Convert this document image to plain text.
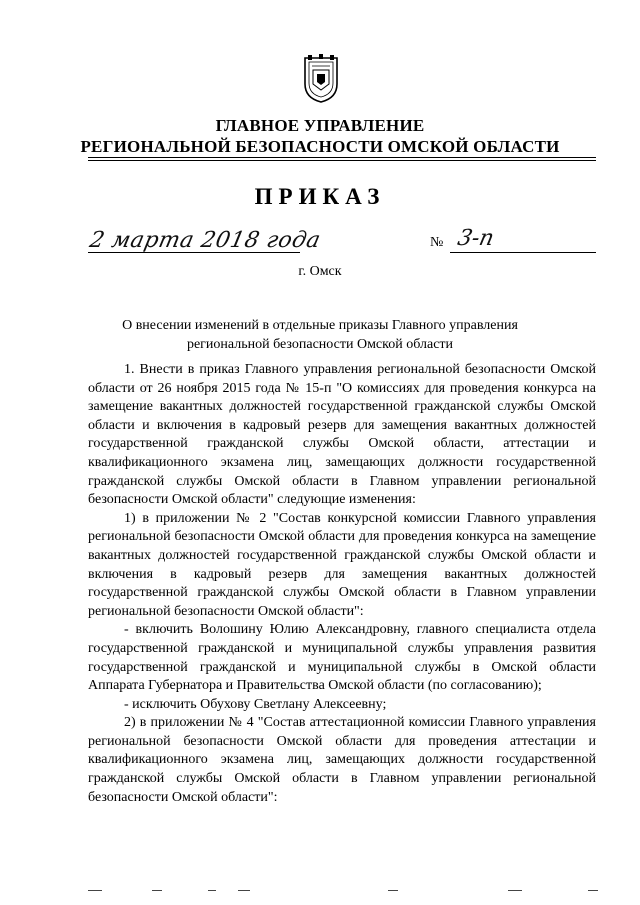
ГЛАВНОЕ УПРАВЛЕНИЕ
РЕГИОНАЛЬНОЙ БЕЗОПАСНОСТИ ОМСКОЙ ОБЛАСТИ
ПРИКАЗ
2 марта 2018 года	№ 3-п
г. Омск
О внесении изменений в отдельные приказы Главного управления
региональной безопасности Омской области

1. Внести в приказ Главного управления региональной безопасности Омской области от 26 ноября 2015 года № 15-п "О комиссиях для проведения конкурса на замещение вакантных должностей государственной гражданской службы Омской области и включения в кадровый резерв для замещения вакантных должностей государственной гражданской службы Омской области, аттестации и квалификационного экзамена лиц, замещающих должности государственной гражданской службы Омской области в Главном управлении региональной безопасности Омской области" следующие изменения:

1) в приложении № 2 "Состав конкурсной комиссии Главного управления региональной безопасности Омской области для проведения конкурса на замещение вакантных должностей государственной гражданской службы Омской области и включения в кадровый резерв для замещения вакантных должностей государственной гражданской службы Омской области в Главном управлении региональной безопасности Омской области":

- включить Волошину Юлию Александровну, главного специалиста отдела государственной гражданской и муниципальной службы управления развития государственной гражданской и муниципальной службы в Омской области Аппарата Губернатора и Правительства Омской области (по согласованию);

- исключить Обухову Светлану Алексеевну;

2) в приложении № 4 "Состав аттестационной комиссии Главного управления региональной безопасности Омской области для проведения аттестации и квалификационного экзамена лиц, замещающих должности государственной гражданской службы Омской области в Главном управлении региональной безопасности Омской области":
